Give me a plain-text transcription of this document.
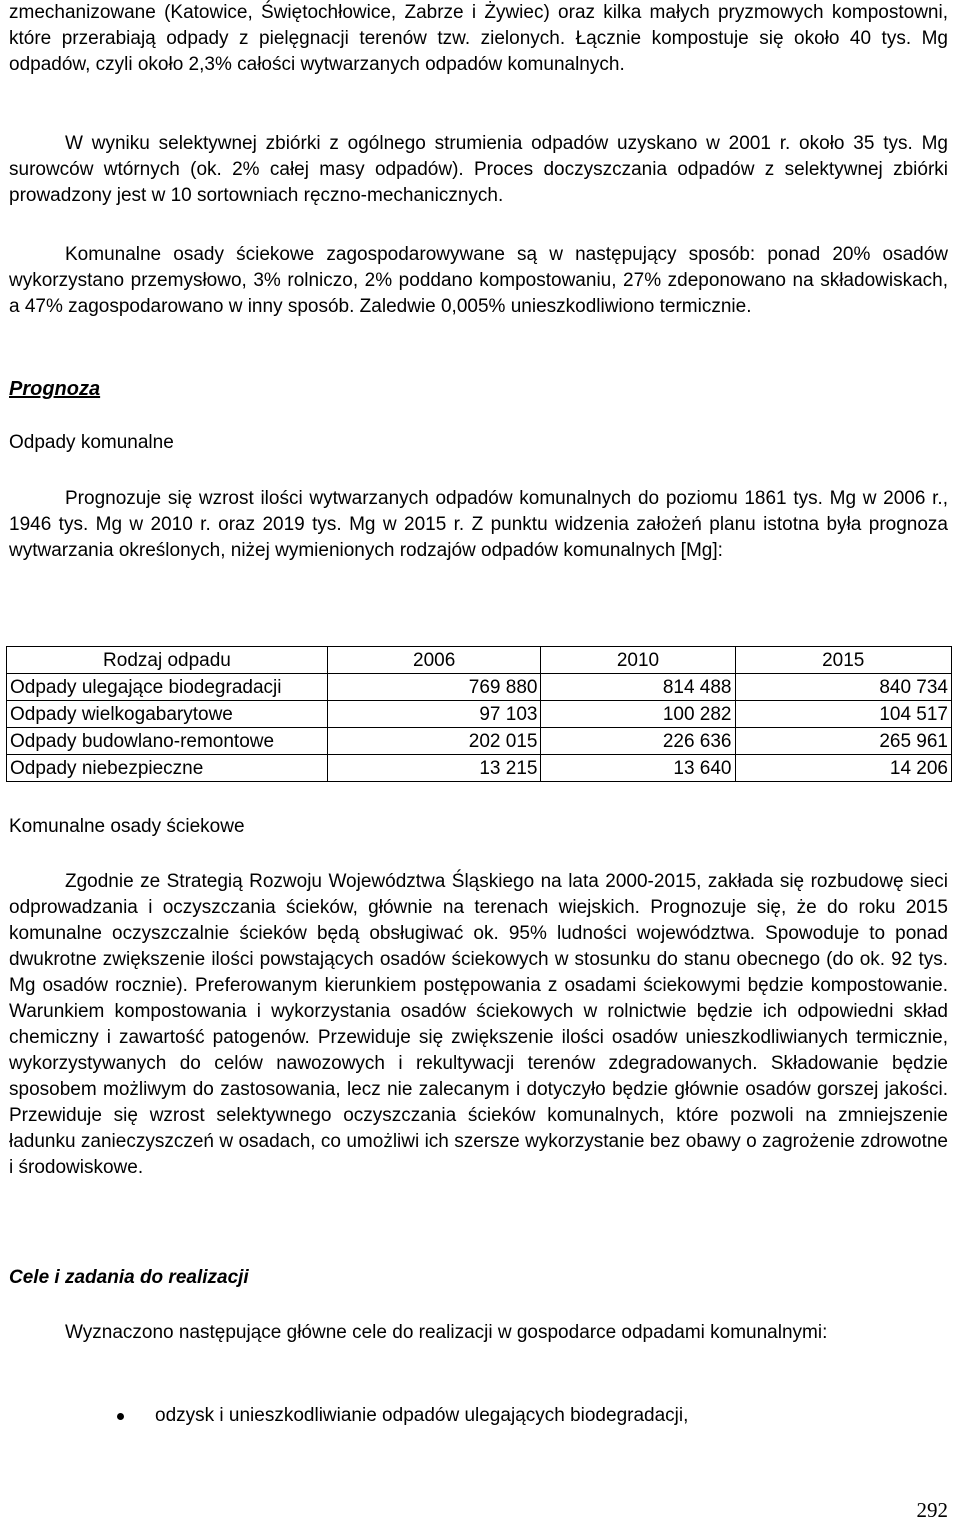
zmechanizowane (Katowice, Świętochłowice, Zabrze i Żywiec) oraz kilka małych pryzmowych kompostowni, które przerabiają odpady z pielęgnacji terenów tzw. zielonych. Łącznie kompostuje się około 40 tys. Mg odpadów, czyli około 2,3% całości wytwarzanych odpadów komunalnych.

W wyniku selektywnej zbiórki z ogólnego strumienia odpadów uzyskano w 2001 r. około 35 tys. Mg surowców wtórnych (ok. 2% całej masy odpadów). Proces doczyszczania odpadów z selektywnej zbiórki prowadzony jest w 10 sortowniach ręczno-mechanicznych.

Komunalne osady ściekowe zagospodarowywane są w następujący sposób: ponad 20% osadów wykorzystano przemysłowo, 3% rolniczo, 2% poddano kompostowaniu, 27% zdeponowano na składowiskach, a 47% zagospodarowano w inny sposób. Zaledwie 0,005% unieszkodliwiono termicznie.

Prognoza
Odpady komunalne

Prognozuje się wzrost ilości wytwarzanych odpadów komunalnych do poziomu 1861 tys. Mg w 2006 r., 1946 tys. Mg w 2010 r. oraz 2019 tys. Mg w 2015 r. Z punktu widzenia założeń planu istotna była prognoza wytwarzania określonych, niżej wymienionych rodzajów odpadów komunalnych [Mg]:

Rodzaj odpadu	2006	2010	2015
Odpady ulegające biodegradacji	769 880	814 488	840 734
Odpady wielkogabarytowe	97 103	100 282	104 517
Odpady budowlano-remontowe	202 015	226 636	265 961
Odpady niebezpieczne	13 215	13 640	14 206
Komunalne osady ściekowe

Zgodnie ze Strategią Rozwoju Województwa Śląskiego na lata 2000-2015, zakłada się rozbudowę sieci odprowadzania i oczyszczania ścieków, głównie na terenach wiejskich. Prognozuje się, że do roku 2015 komunalne oczyszczalnie ścieków będą obsługiwać ok. 95% ludności województwa. Spowoduje to ponad dwukrotne zwiększenie ilości powstających osadów ściekowych w stosunku do stanu obecnego (do ok. 92 tys. Mg osadów rocznie). Preferowanym kierunkiem postępowania z osadami ściekowymi będzie kompostowanie. Warunkiem kompostowania i wykorzystania osadów ściekowych w rolnictwie będzie ich odpowiedni skład chemiczny i zawartość patogenów. Przewiduje się zwiększenie ilości osadów unieszkodliwianych termicznie, wykorzystywanych do celów nawozowych i rekultywacji terenów zdegradowanych. Składowanie będzie sposobem możliwym do zastosowania, lecz nie zalecanym i dotyczyło będzie głównie osadów gorszej jakości. Przewiduje się wzrost selektywnego oczyszczania ścieków komunalnych, które pozwoli na zmniejszenie ładunku zanieczyszczeń w osadach, co umożliwi ich szersze wykorzystanie bez obawy o zagrożenie zdrowotne i środowiskowe.

Cele i zadania do realizacji

Wyznaczono następujące główne cele do realizacji w gospodarce odpadami komunalnymi:

odzysk i unieszkodliwianie odpadów ulegających biodegradacji,
292
